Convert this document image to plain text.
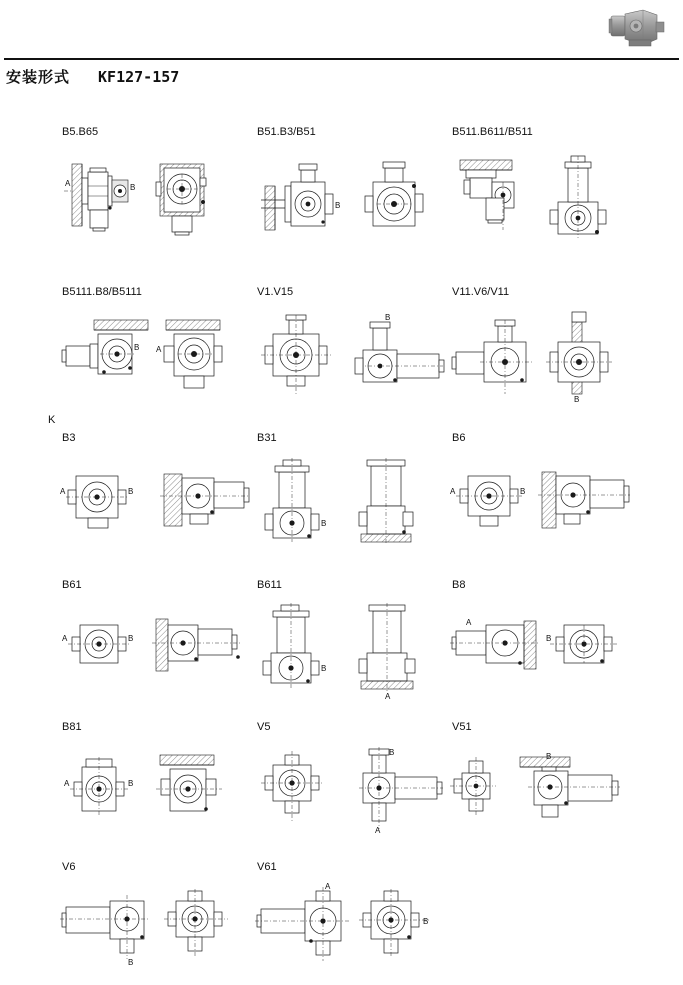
安装形式 KF127-157
B5.B65
A	B
B51.B3/B51
B
B511.B611/B511
B5111.B8/B5111
B A
V1.V15
B
V11.V6/V11
B
K
B3
A	B
B31
B
B6
A	B
B61
A	B
B611
B
A
B8
A
B
B81
A	B
V5
B
A
V51
B
V6
B
V61
A
B
